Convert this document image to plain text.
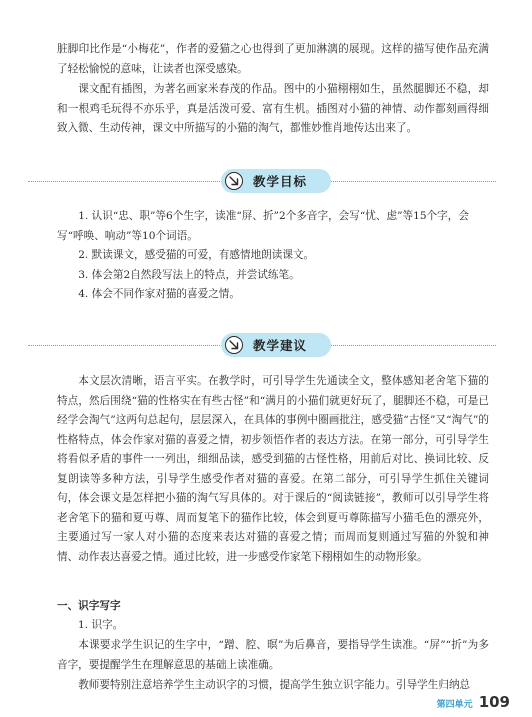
脏脚印比作是“小梅花”，作者的爱猫之心也得到了更加淋漓的展现。这样的描写使作品充满了轻松愉悦的意味，让读者也深受感染。

课文配有插图，为著名画家米春茂的作品。图中的小猫栩栩如生，虽然腿脚还不稳，却和一根鸡毛玩得不亦乐乎，真是活泼可爱、富有生机。插图对小猫的神情、动作都刻画得细致入微、生动传神，课文中所描写的小猫的淘气，都惟妙惟肖地传达出来了。

教学目标
1. 认识“忠、职”等6个生字，读准“屏、折”2个多音字，会写“忧、虑”等15个字，会写“呼唤、响动”等10个词语。
2. 默读课文，感受猫的可爱，有感情地朗读课文。
3. 体会第2自然段写法上的特点，并尝试练笔。
4. 体会不同作家对猫的喜爱之情。
教学建议

本文层次清晰，语言平实。在教学时，可引导学生先通读全文，整体感知老舍笔下猫的特点，然后围绕“猫的性格实在有些古怪”和“满月的小猫们就更好玩了，腿脚还不稳，可是已经学会淘气”这两句总起句，层层深入，在具体的事例中圈画批注，感受猫“古怪”又“淘气”的性格特点，体会作家对猫的喜爱之情，初步领悟作者的表达方法。在第一部分，可引导学生将看似矛盾的事件一一列出，细细品读，感受到猫的古怪性格，用前后对比、换词比较、反复朗读等多种方法，引导学生感受作者对猫的喜爱。在第二部分，可引导学生抓住关键词句，体会课文是怎样把小猫的淘气写具体的。对于课后的“阅读链接”，教师可以引导学生将老舍笔下的猫和夏丏尊、周而复笔下的猫作比较，体会到夏丏尊陈描写小猫毛色的漂亮外，主要通过写一家人对小猫的态度来表达对猫的喜爱之情；而周而复则通过写猫的外貌和神情、动作表达喜爱之情。通过比较，进一步感受作家笔下栩栩如生的动物形象。

一、识字写字
1. 识字。

本课要求学生识记的生字中，“蹭、腔、暝”为后鼻音，要指导学生读准。“屏”“折”为多音字，要提醒学生在理解意思的基础上读准确。

教师要特别注意培养学生主动识字的习惯，提高学生独立识字能力。引导学生归纳总

第四单元 109
